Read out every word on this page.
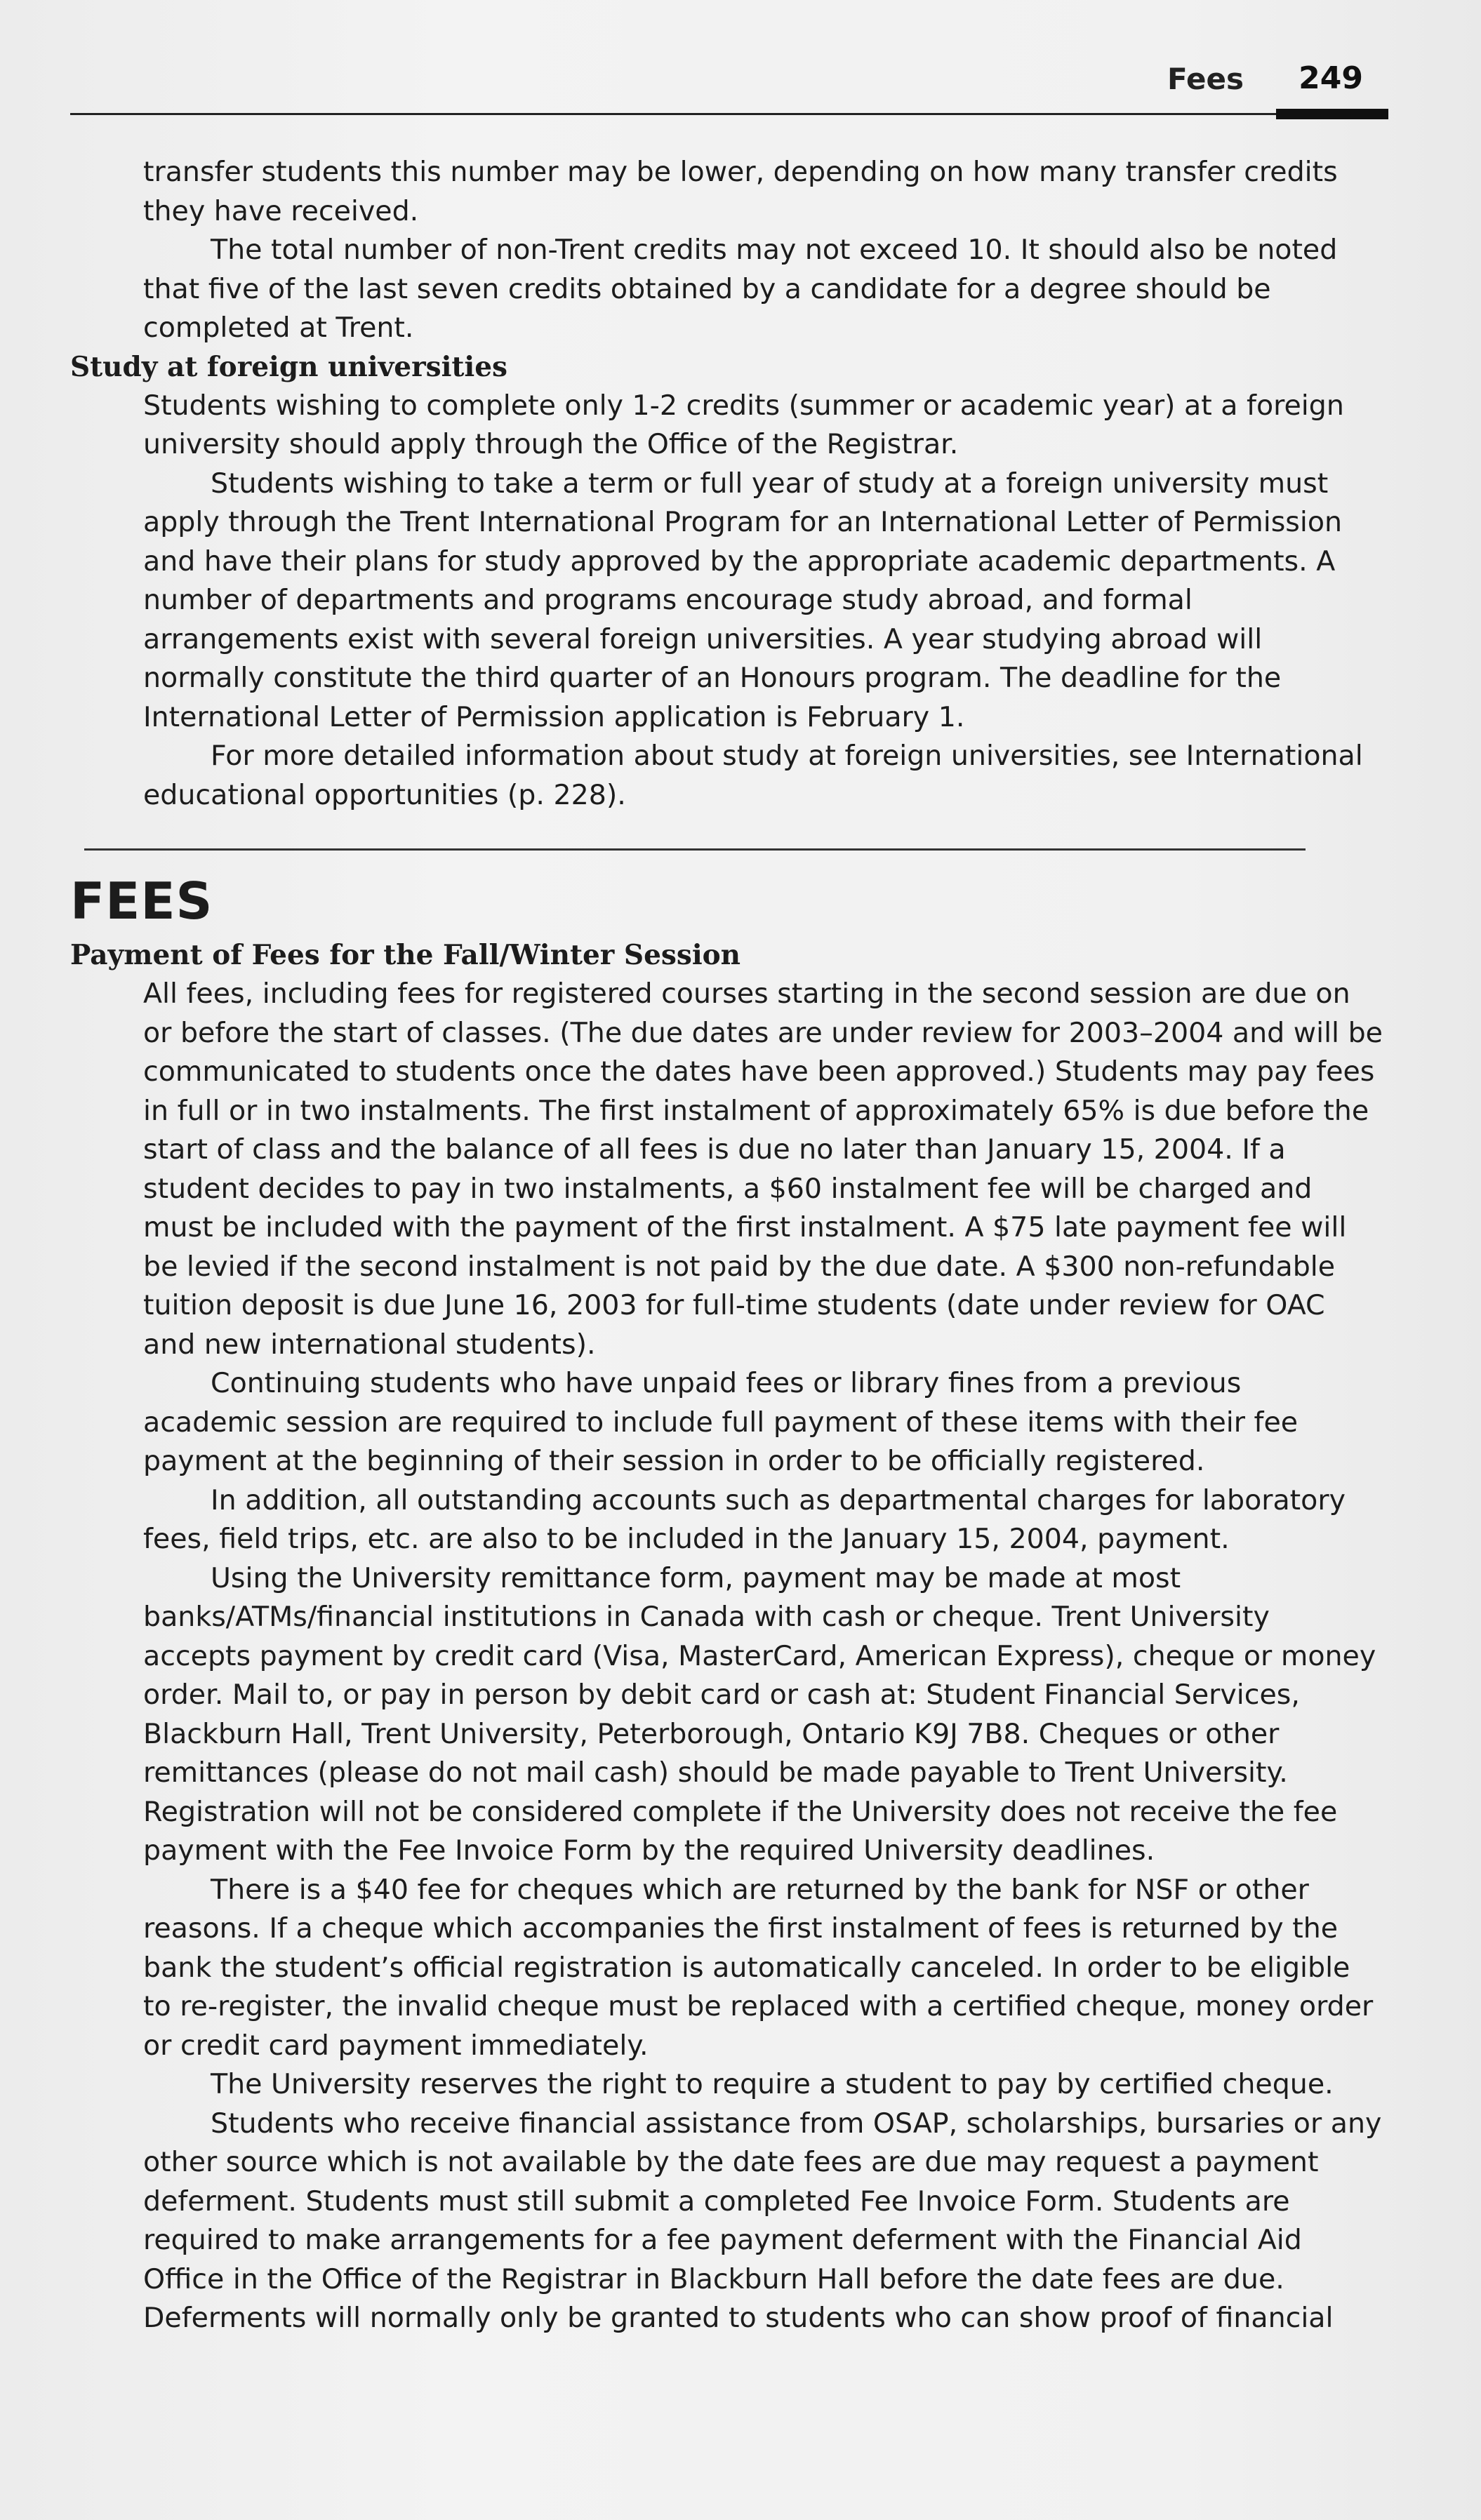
Fees 249

transfer students this number may be lower, depending on how many transfer credits they have received.

The total number of non-Trent credits may not exceed 10. It should also be noted that five of the last seven credits obtained by a candidate for a degree should be completed at Trent.

Study at foreign universities

Students wishing to complete only 1-2 credits (summer or academic year) at a foreign university should apply through the Office of the Registrar.

Students wishing to take a term or full year of study at a foreign university must apply through the Trent International Program for an International Letter of Permission and have their plans for study approved by the appropriate academic departments. A number of departments and programs encourage study abroad, and formal arrangements exist with several foreign universities. A year studying abroad will normally constitute the third quarter of an Honours program. The deadline for the International Letter of Permission application is February 1.

For more detailed information about study at foreign universities, see International educational opportunities (p. 228).

FEES
Payment of Fees for the Fall/Winter Session

All fees, including fees for registered courses starting in the second session are due on or before the start of classes. (The due dates are under review for 2003–2004 and will be communicated to students once the dates have been approved.) Students may pay fees in full or in two instalments. The first instalment of approximately 65% is due before the start of class and the balance of all fees is due no later than January 15, 2004. If a student decides to pay in two instalments, a $60 instalment fee will be charged and must be included with the payment of the first instalment. A $75 late payment fee will be levied if the second instalment is not paid by the due date. A $300 non-refundable tuition deposit is due June 16, 2003 for full-time students (date under review for OAC and new international students).

Continuing students who have unpaid fees or library fines from a previous academic session are required to include full payment of these items with their fee payment at the beginning of their session in order to be officially registered.

In addition, all outstanding accounts such as departmental charges for laboratory fees, field trips, etc. are also to be included in the January 15, 2004, payment.

Using the University remittance form, payment may be made at most banks/ATMs/financial institutions in Canada with cash or cheque. Trent University accepts payment by credit card (Visa, MasterCard, American Express), cheque or money order. Mail to, or pay in person by debit card or cash at: Student Financial Services, Blackburn Hall, Trent University, Peterborough, Ontario K9J 7B8. Cheques or other remittances (please do not mail cash) should be made payable to Trent University. Registration will not be considered complete if the University does not receive the fee payment with the Fee Invoice Form by the required University deadlines.

There is a $40 fee for cheques which are returned by the bank for NSF or other reasons. If a cheque which accompanies the first instalment of fees is returned by the bank the student’s official registration is automatically canceled. In order to be eligible to re-register, the invalid cheque must be replaced with a certified cheque, money order or credit card payment immediately.

The University reserves the right to require a student to pay by certified cheque.

Students who receive financial assistance from OSAP, scholarships, bursaries or any other source which is not available by the date fees are due may request a payment deferment. Students must still submit a completed Fee Invoice Form. Students are required to make arrangements for a fee payment deferment with the Financial Aid Office in the Office of the Registrar in Blackburn Hall before the date fees are due. Deferments will normally only be granted to students who can show proof of financial
